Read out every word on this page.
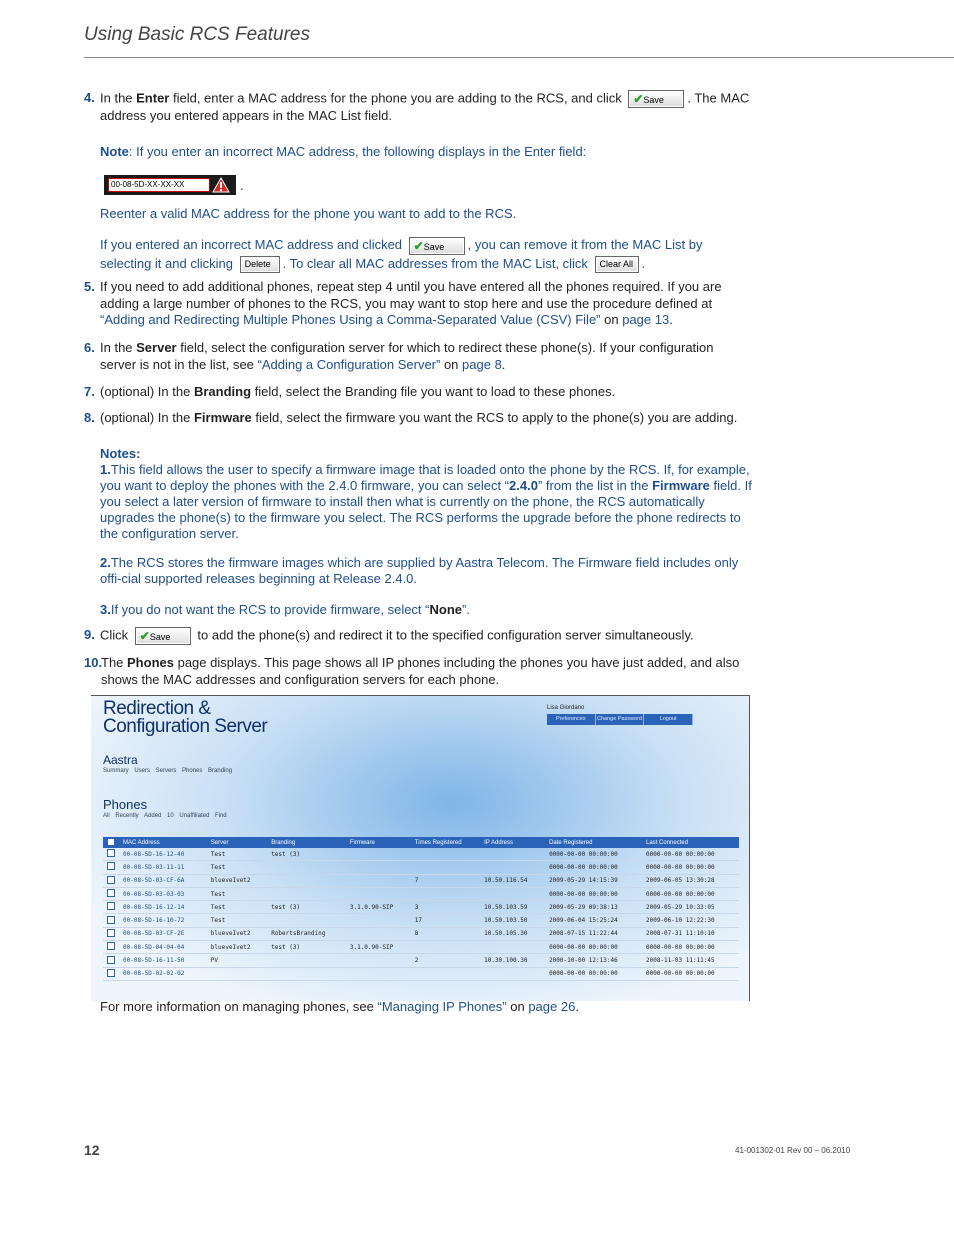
Using Basic RCS Features
4. In the Enter field, enter a MAC address for the phone you are adding to the RCS, and click ✔Save . The MAC address you entered appears in the MAC List field.
Note: If you enter an incorrect MAC address, the following displays in the Enter field:
00-08-5D-XX-XX-XX	.
Reenter a valid MAC address for the phone you want to add to the RCS.
If you entered an incorrect MAC address and clicked ✔Save , you can remove it from the MAC List by selecting it and clicking Delete . To clear all MAC addresses from the MAC List, click Clear All .
5. If you need to add additional phones, repeat step 4 until you have entered all the phones required. If you are adding a large number of phones to the RCS, you may want to stop here and use the procedure defined at “Adding and Redirecting Multiple Phones Using a Comma-Separated Value (CSV) File” on page 13.
6. In the Server field, select the configuration server for which to redirect these phone(s). If your configuration server is not in the list, see “Adding a Configuration Server” on page 8.
7. (optional) In the Branding field, select the Branding file you want to load to these phones.
8. (optional) In the Firmware field, select the firmware you want the RCS to apply to the phone(s) you are adding.
Notes:
1.This field allows the user to specify a firmware image that is loaded onto the phone by the RCS. If, for example, you want to deploy the phones with the 2.4.0 firmware, you can select “2.4.0” from the list in the Firmware field. If you select a later version of firmware to install then what is currently on the phone, the RCS automatically upgrades the phone(s) to the firmware you select. The RCS performs the upgrade before the phone redirects to the configuration server.
2.The RCS stores the firmware images which are supplied by Aastra Telecom. The Firmware field includes only offi-cial supported releases beginning at Release 2.4.0.
3.If you do not want the RCS to provide firmware, select “None”.
9. Click ✔Save to add the phone(s) and redirect it to the specified configuration server simultaneously.
10.
The Phones page displays. This page shows all IP phones including the phones you have just added, and also shows the MAC addresses and configuration servers for each phone.
Redirection &
Configuration Server
Lisa Giordano
Preferences	Change Password	Logout
Aastra
Summary Users Servers Phones Branding
Phones
All Recently Added 10 Unaffiliated Find
	MAC Address	Server	Branding	Firmware	Times Registered	IP Address	Date Registered	Last Connected
	00-08-5D-16-12-40	Test	test (3)				0000-00-00 00:00:00	0000-00-00 00:00:00
	00-08-5D-03-11-11	Test					0000-00-00 00:00:00	0000-00-00 00:00:00
	00-08-5D-03-CF-6A	blueveIvet2			7	10.50.116.54	2009-05-29 14:15:39	2009-06-05 13:30:28
	00-08-5D-03-03-03	Test					0000-00-00 00:00:00	0000-00-00 00:00:00
	00-08-5D-16-12-14	Test	test (3)	3.1.0.90-SIP	3	10.50.103.59	2009-05-29 09:38:13	2009-05-29 10:33:05
	00-08-5D-16-10-72	Test			17	10.50.103.50	2009-06-04 15:25:24	2009-06-10 12:22:30
	00-08-5D-03-CF-2E	blueveIvet2	RobertsBranding		8	10.50.105.30	2008-07-15 11:22:44	2008-07-31 11:10:10
	00-08-5D-04-04-04	blueveIvet2	test (3)	3.1.0.90-SIP			0000-00-00 00:00:00	0000-00-00 00:00:00
	00-08-5D-16-11-50	PV			2	10.30.100.30	2000-10-00 12:13:46	2008-11-03 11:11:45
	00-08-5D-02-02-02						0000-00-00 00:00:00	0000-00-00 00:00:00
For more information on managing phones, see “Managing IP Phones” on page 26.
12	41-001302-01 Rev 00 – 06.2010
